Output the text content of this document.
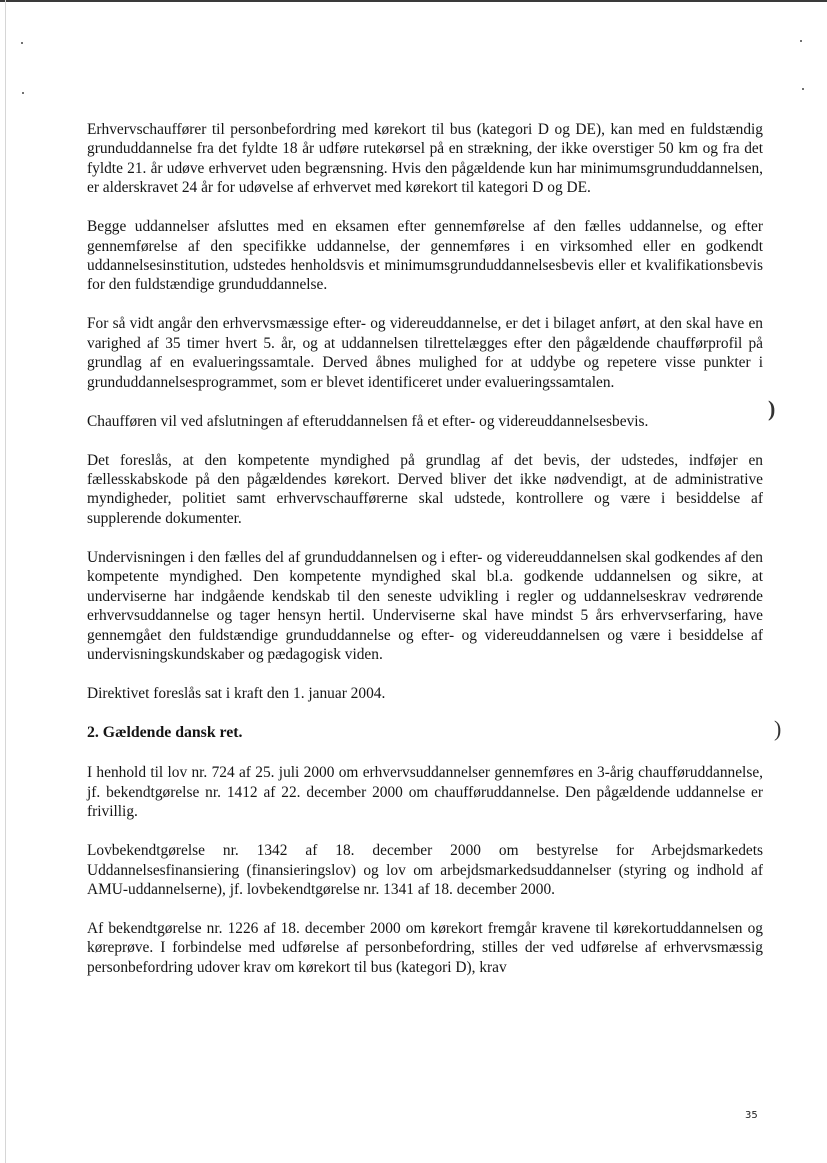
Erhvervschauffører til personbefordring med kørekort til bus (kategori D og DE), kan med en fuldstændig grunduddannelse fra det fyldte 18 år udføre rutekørsel på en strækning, der ikke overstiger 50 km og fra det fyldte 21. år udøve erhvervet uden begrænsning. Hvis den pågældende kun har minimumsgrunduddannelsen, er alderskravet 24 år for udøvelse af erhvervet med kørekort til kategori D og DE.

Begge uddannelser afsluttes med en eksamen efter gennemførelse af den fælles uddannelse, og efter gennemførelse af den specifikke uddannelse, der gennemføres i en virksomhed eller en godkendt uddannelsesinstitution, udstedes henholdsvis et minimumsgrunduddannelsesbevis eller et kvalifikationsbevis for den fuldstændige grunduddannelse.

For så vidt angår den erhvervsmæssige efter- og videreuddannelse, er det i bilaget anført, at den skal have en varighed af 35 timer hvert 5. år, og at uddannelsen tilrettelægges efter den pågældende chaufførprofil på grundlag af en evalueringssamtale. Derved åbnes mulighed for at uddybe og repetere visse punkter i grunduddannelsesprogrammet, som er blevet identificeret under evalueringssamtalen.

Chaufføren vil ved afslutningen af efteruddannelsen få et efter- og videreuddannelsesbevis.

Det foreslås, at den kompetente myndighed på grundlag af det bevis, der udstedes, indføjer en fællesskabskode på den pågældendes kørekort. Derved bliver det ikke nødvendigt, at de administrative myndigheder, politiet samt erhvervschaufførerne skal udstede, kontrollere og være i besiddelse af supplerende dokumenter.

Undervisningen i den fælles del af grunduddannelsen og i efter- og videreuddannelsen skal godkendes af den kompetente myndighed. Den kompetente myndighed skal bl.a. godkende uddannelsen og sikre, at underviserne har indgående kendskab til den seneste udvikling i regler og uddannelseskrav vedrørende erhvervsuddannelse og tager hensyn hertil. Underviserne skal have mindst 5 års erhvervserfaring, have gennemgået den fuldstændige grunduddannelse og efter- og videreuddannelsen og være i besiddelse af undervisningskundskaber og pædagogisk viden.

Direktivet foreslås sat i kraft den 1. januar 2004.

2. Gældende dansk ret.

I henhold til lov nr. 724 af 25. juli 2000 om erhvervsuddannelser gennemføres en 3-årig chaufføruddannelse, jf. bekendtgørelse nr. 1412 af 22. december 2000 om chaufføruddannelse. Den pågældende uddannelse er frivillig.

Lovbekendtgørelse nr. 1342 af 18. december 2000 om bestyrelse for Arbejdsmarkedets Uddannelsesfinansiering (finansieringslov) og lov om arbejdsmarkedsuddannelser (styring og indhold af AMU-uddannelserne), jf. lovbekendtgørelse nr. 1341 af 18. december 2000.

Af bekendtgørelse nr. 1226 af 18. december 2000 om kørekort fremgår kravene til kørekortuddannelsen og køreprøve. I forbindelse med udførelse af personbefordring, stilles der ved udførelse af erhvervsmæssig personbefordring udover krav om kørekort til bus (kategori D), krav

)
)
35
